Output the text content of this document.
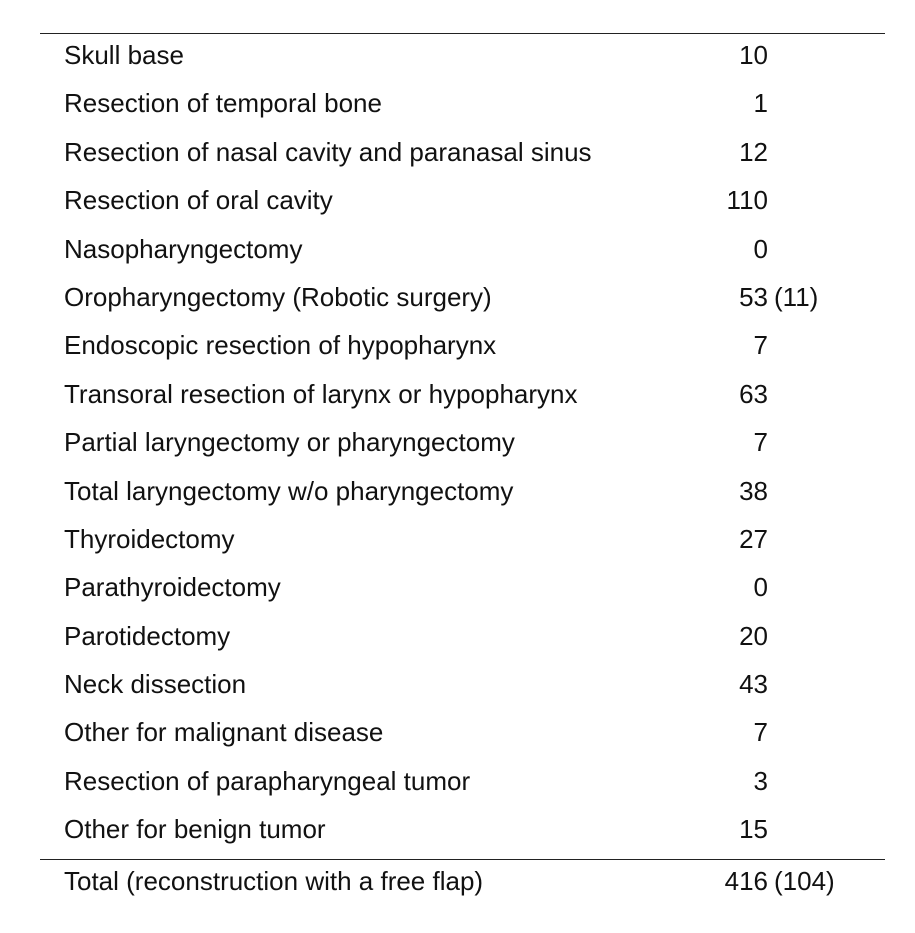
Skull base	10
Resection of temporal bone	1
Resection of nasal cavity and paranasal sinus	12
Resection of oral cavity	110
Nasopharyngectomy	0
Oropharyngectomy (Robotic surgery)	53 (11)
Endoscopic resection of hypopharynx	7
Transoral resection of larynx or hypopharynx	63
Partial laryngectomy or pharyngectomy	7
Total laryngectomy w/o pharyngectomy	38
Thyroidectomy	27
Parathyroidectomy	0
Parotidectomy	20
Neck dissection	43
Other for malignant disease	7
Resection of parapharyngeal tumor	3
Other for benign tumor	15
Total (reconstruction with a free flap)	416 (104)
